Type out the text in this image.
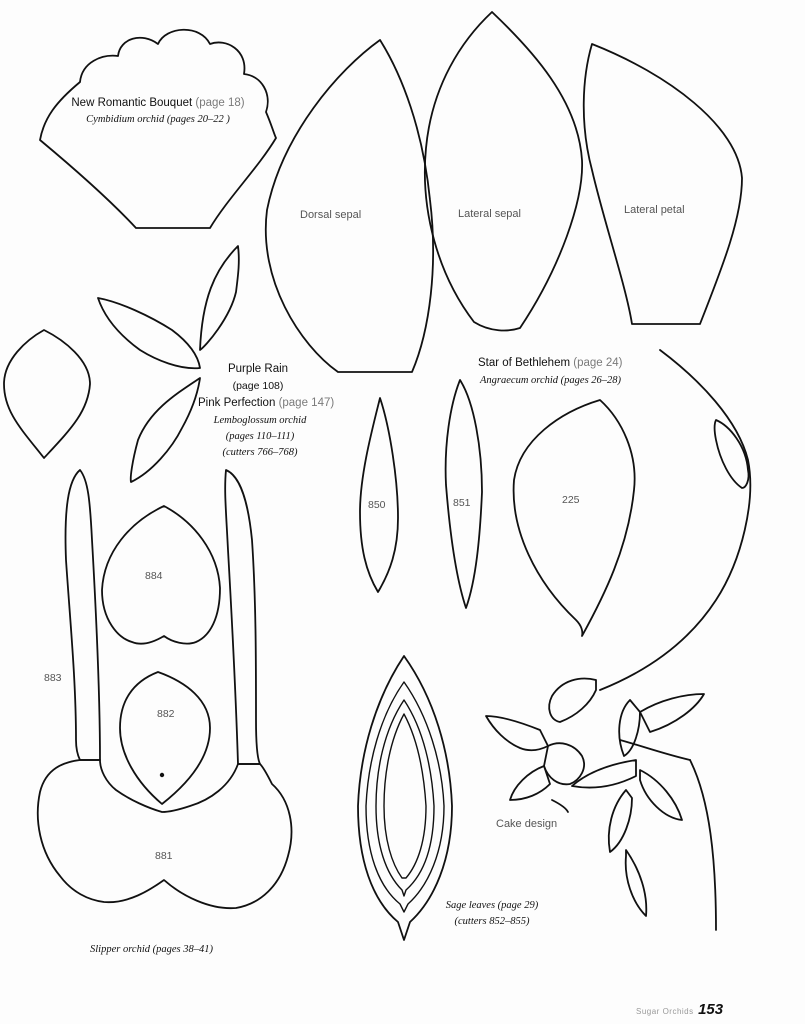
New Romantic Bouquet (page 18)
Cymbidium orchid (pages 20–22 )
Dorsal sepal	Lateral sepal	Lateral petal
Purple Rain
(page 108)
Pink Perfection (page 147)
Lemboglossum orchid
(pages 110–111)
(cutters 766–768)
Star of Bethlehem (page 24)
Angraecum orchid (pages 26–28)
850	851	225
884
883
882
881
Cake design
Sage leaves (page 29)
(cutters 852–855)
Slipper orchid (pages 38–41)
Sugar Orchids 153
